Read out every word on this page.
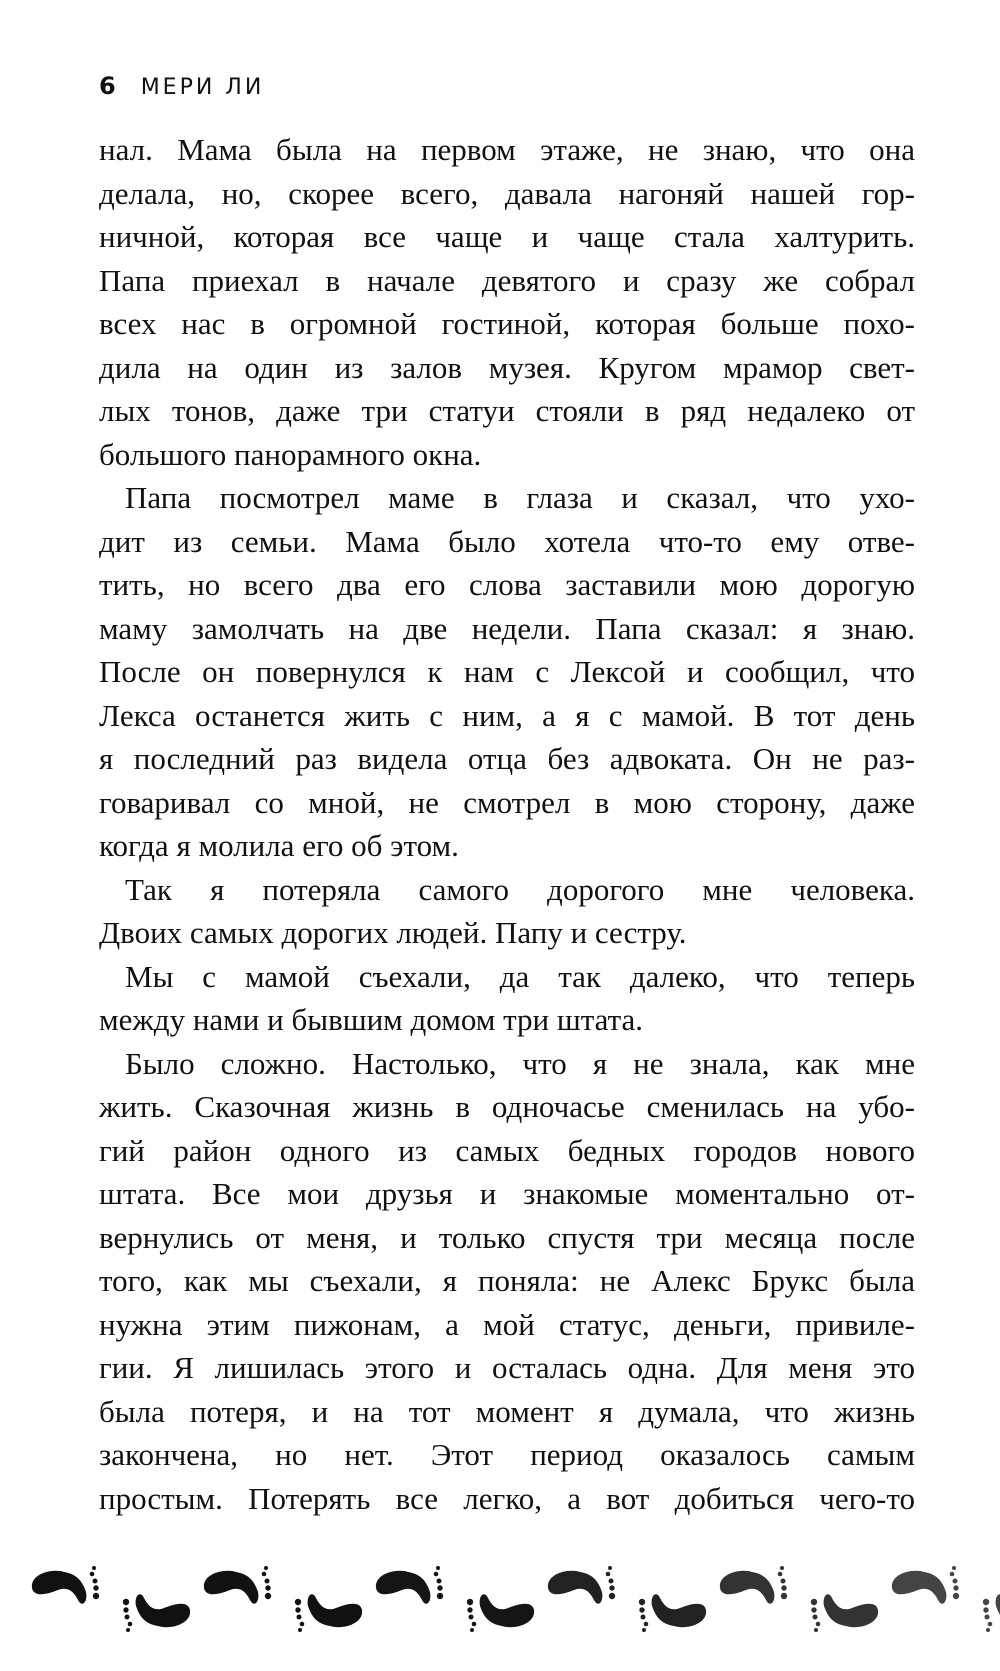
6 МЕРИ ЛИ
нал. Мама была на первом этаже, не знаю, что она
делала, но, скорее всего, давала нагоняй нашей гор-
ничной, которая все чаще и чаще стала халтурить.
Папа приехал в начале девятого и сразу же собрал
всех нас в огромной гостиной, которая больше похо-
дила на один из залов музея. Кругом мрамор свет-
лых тонов, даже три статуи стояли в ряд недалеко от
большого панорамного окна.
Папа посмотрел маме в глаза и сказал, что ухо-
дит из семьи. Мама было хотела что-то ему отве-
тить, но всего два его слова заставили мою дорогую
маму замолчать на две недели. Папа сказал: я знаю.
После он повернулся к нам с Лексой и сообщил, что
Лекса останется жить с ним, а я с мамой. В тот день
я последний раз видела отца без адвоката. Он не раз-
говаривал со мной, не смотрел в мою сторону, даже
когда я молила его об этом.
Так я потеряла самого дорогого мне человека.
Двоих самых дорогих людей. Папу и сестру.
Мы с мамой съехали, да так далеко, что теперь
между нами и бывшим домом три штата.
Было сложно. Настолько, что я не знала, как мне
жить. Сказочная жизнь в одночасье сменилась на убо-
гий район одного из самых бедных городов нового
штата. Все мои друзья и знакомые моментально от-
вернулись от меня, и только спустя три месяца после
того, как мы съехали, я поняла: не Алекс Брукс была
нужна этим пижонам, а мой статус, деньги, привиле-
гии. Я лишилась этого и осталась одна. Для меня это
была потеря, и на тот момент я думала, что жизнь
закончена, но нет. Этот период оказалось самым
простым. Потерять все легко, а вот добиться чего-то
